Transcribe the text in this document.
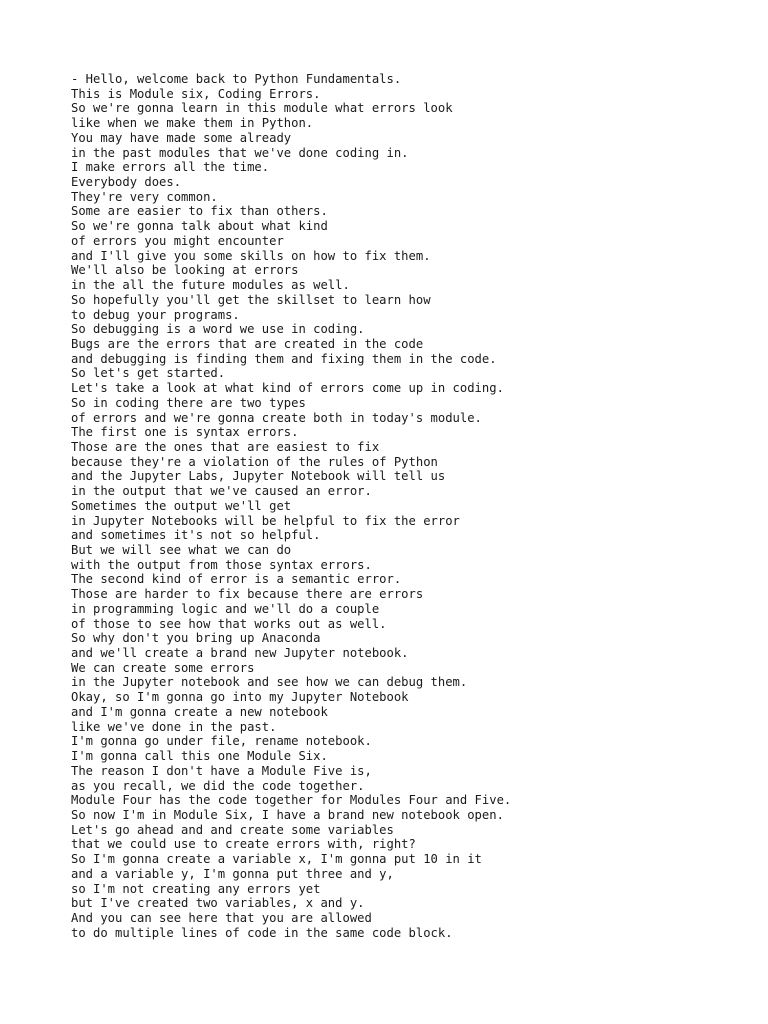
- Hello, welcome back to Python Fundamentals.
This is Module six, Coding Errors.
So we're gonna learn in this module what errors look
like when we make them in Python.
You may have made some already
in the past modules that we've done coding in.
I make errors all the time.
Everybody does.
They're very common.
Some are easier to fix than others.
So we're gonna talk about what kind
of errors you might encounter
and I'll give you some skills on how to fix them.
We'll also be looking at errors
in the all the future modules as well.
So hopefully you'll get the skillset to learn how
to debug your programs.
So debugging is a word we use in coding.
Bugs are the errors that are created in the code
and debugging is finding them and fixing them in the code.
So let's get started.
Let's take a look at what kind of errors come up in coding.
So in coding there are two types
of errors and we're gonna create both in today's module.
The first one is syntax errors.
Those are the ones that are easiest to fix
because they're a violation of the rules of Python
and the Jupyter Labs, Jupyter Notebook will tell us
in the output that we've caused an error.
Sometimes the output we'll get
in Jupyter Notebooks will be helpful to fix the error
and sometimes it's not so helpful.
But we will see what we can do
with the output from those syntax errors.
The second kind of error is a semantic error.
Those are harder to fix because there are errors
in programming logic and we'll do a couple
of those to see how that works out as well.
So why don't you bring up Anaconda
and we'll create a brand new Jupyter notebook.
We can create some errors
in the Jupyter notebook and see how we can debug them.
Okay, so I'm gonna go into my Jupyter Notebook
and I'm gonna create a new notebook
like we've done in the past.
I'm gonna go under file, rename notebook.
I'm gonna call this one Module Six.
The reason I don't have a Module Five is,
as you recall, we did the code together.
Module Four has the code together for Modules Four and Five.
So now I'm in Module Six, I have a brand new notebook open.
Let's go ahead and and create some variables
that we could use to create errors with, right?
So I'm gonna create a variable x, I'm gonna put 10 in it
and a variable y, I'm gonna put three and y,
so I'm not creating any errors yet
but I've created two variables, x and y.
And you can see here that you are allowed
to do multiple lines of code in the same code block.
